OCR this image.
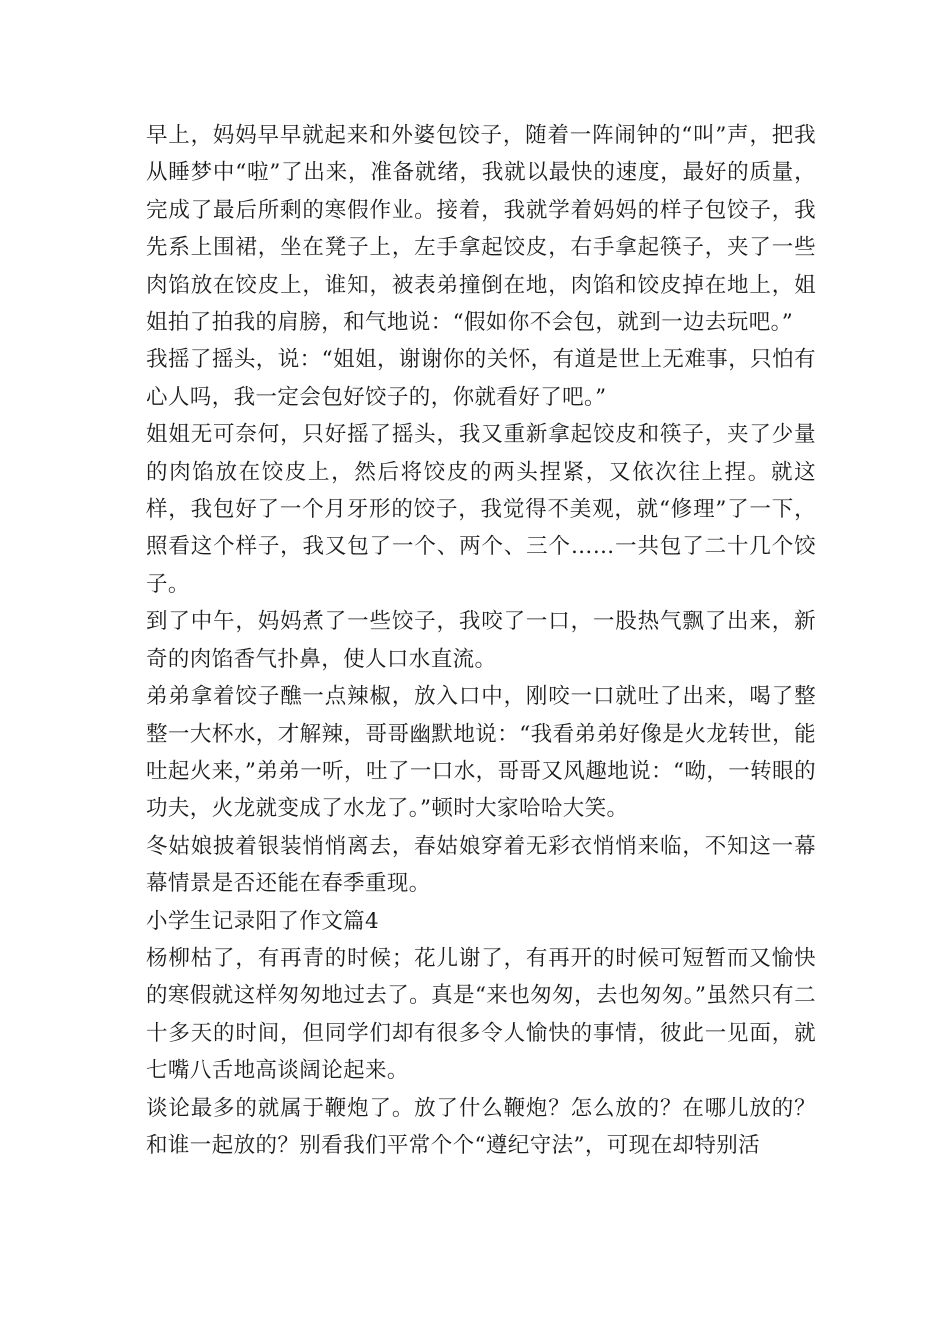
早上，妈妈早早就起来和外婆包饺子，随着一阵闹钟的“叫”声，把我从睡梦中“啦”了出来，准备就绪，我就以最快的速度，最好的质量，完成了最后所剩的寒假作业。接着，我就学着妈妈的样子包饺子，我先系上围裙，坐在凳子上，左手拿起饺皮，右手拿起筷子，夹了一些肉馅放在饺皮上，谁知，被表弟撞倒在地，肉馅和饺皮掉在地上，姐姐拍了拍我的肩膀，和气地说：“假如你不会包，就到一边去玩吧。”

我摇了摇头，说：“姐姐，谢谢你的关怀，有道是世上无难事，只怕有心人吗，我一定会包好饺子的，你就看好了吧。”

姐姐无可奈何，只好摇了摇头，我又重新拿起饺皮和筷子，夹了少量的肉馅放在饺皮上，然后将饺皮的两头捏紧，又依次往上捏。就这样，我包好了一个月牙形的饺子，我觉得不美观，就“修理”了一下，照看这个样子，我又包了一个、两个、三个……一共包了二十几个饺子。

到了中午，妈妈煮了一些饺子，我咬了一口，一股热气飘了出来，新奇的肉馅香气扑鼻，使人口水直流。

弟弟拿着饺子醮一点辣椒，放入口中，刚咬一口就吐了出来，喝了整整一大杯水，才解辣，哥哥幽默地说：“我看弟弟好像是火龙转世，能吐起火来，”弟弟一听，吐了一口水，哥哥又风趣地说：“呦，一转眼的功夫，火龙就变成了水龙了。”顿时大家哈哈大笑。

冬姑娘披着银装悄悄离去，春姑娘穿着无彩衣悄悄来临，不知这一幕幕情景是否还能在春季重现。

小学生记录阳了作文篇4

杨柳枯了，有再青的时候；花儿谢了，有再开的时候可短暂而又愉快的寒假就这样匆匆地过去了。真是“来也匆匆，去也匆匆。”虽然只有二十多天的时间，但同学们却有很多令人愉快的事情，彼此一见面，就七嘴八舌地高谈阔论起来。

谈论最多的就属于鞭炮了。放了什么鞭炮？怎么放的？在哪儿放的？和谁一起放的？别看我们平常个个“遵纪守法”，可现在却特别活
